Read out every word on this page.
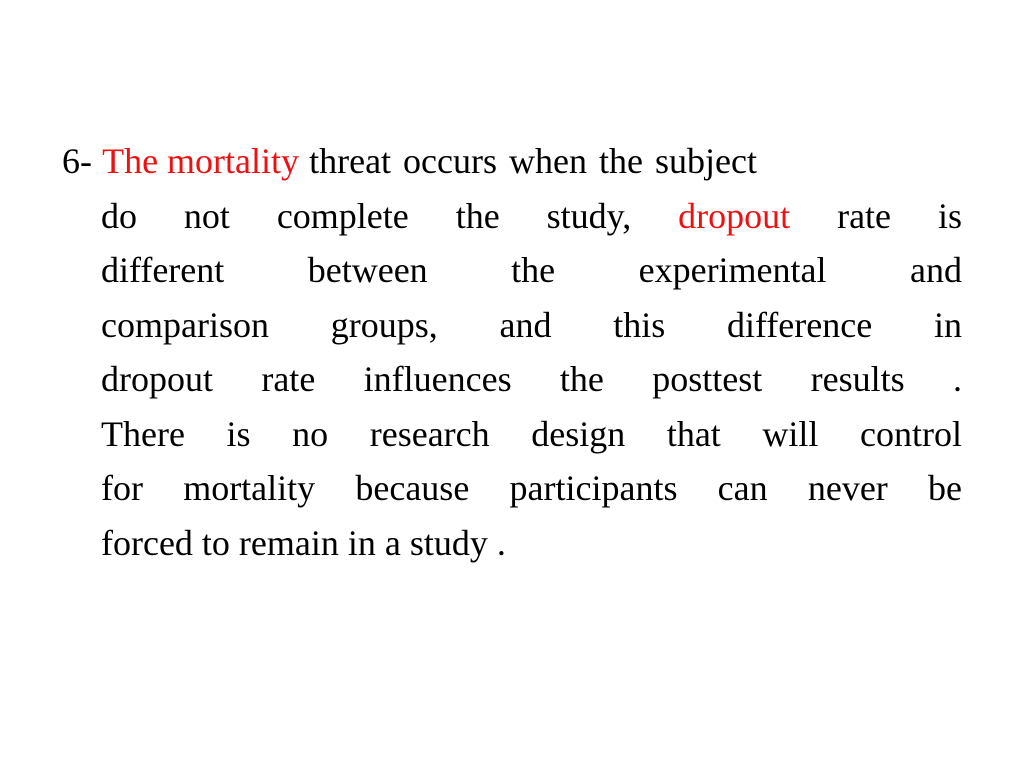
6- The mortality threat occurs when the subject
do not complete the study, dropout rate is
different between the experimental and
comparison groups, and this difference in
dropout rate influences the posttest results .
There is no research design that will control
for mortality because participants can never be
forced to remain in a study .
